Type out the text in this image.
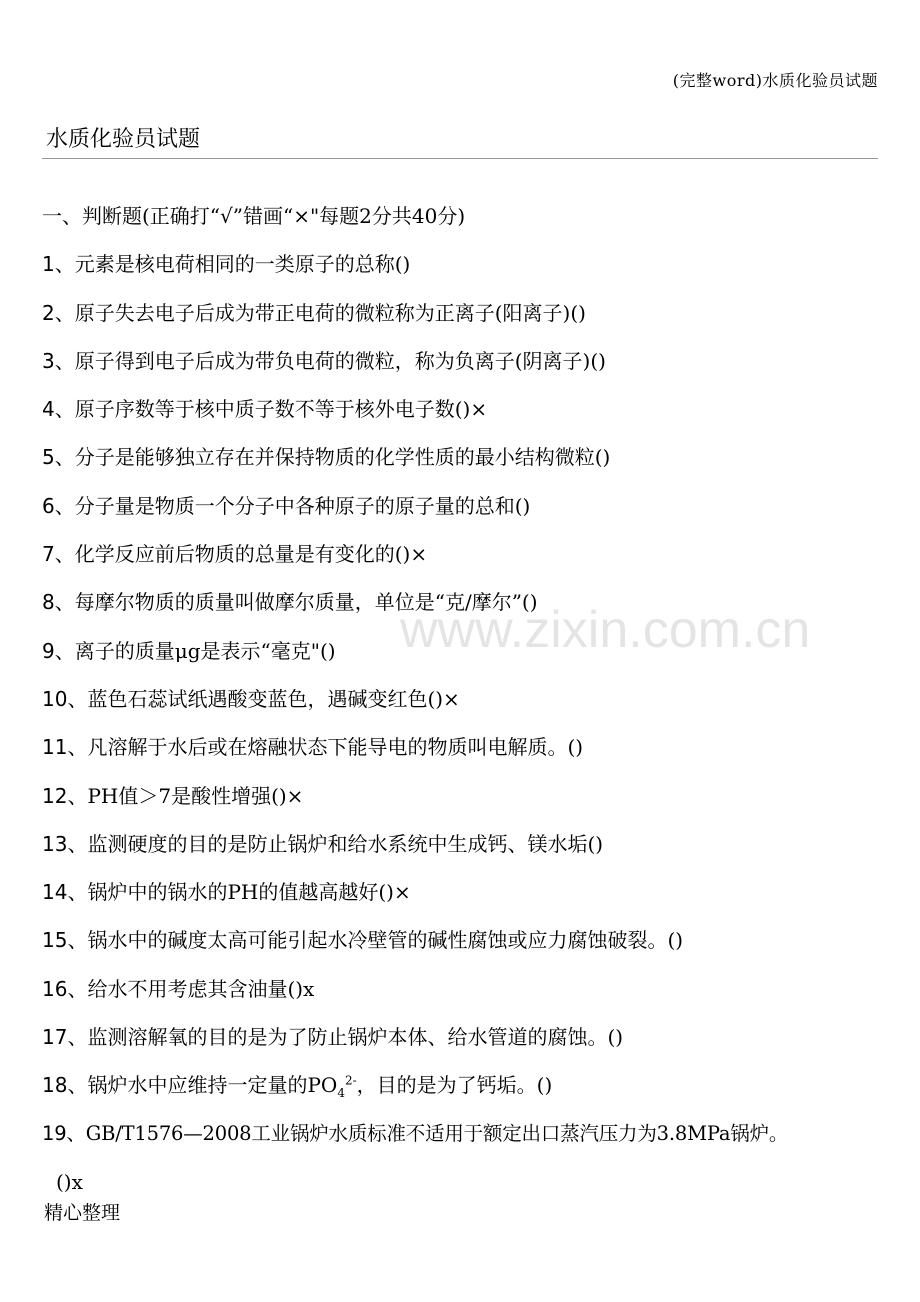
(完整word)水质化验员试题
水质化验员试题
一、判断题(正确打“√”错画“×"每题2分共40分)
1、元素是核电荷相同的一类原子的总称()
2、原子失去电子后成为带正电荷的微粒称为正离子(阳离子)()
3、原子得到电子后成为带负电荷的微粒，称为负离子(阴离子)()
4、原子序数等于核中质子数不等于核外电子数()×
5、分子是能够独立存在并保持物质的化学性质的最小结构微粒()
6、分子量是物质一个分子中各种原子的原子量的总和()
7、化学反应前后物质的总量是有变化的()×
8、每摩尔物质的质量叫做摩尔质量，单位是“克/摩尔”()
9、离子的质量μg是表示“毫克"()
10、蓝色石蕊试纸遇酸变蓝色，遇碱变红色()×
11、凡溶解于水后或在熔融状态下能导电的物质叫电解质。()
12、PH值＞7是酸性增强()×
13、监测硬度的目的是防止锅炉和给水系统中生成钙、镁水垢()
14、锅炉中的锅水的PH的值越高越好()×
15、锅水中的碱度太高可能引起水冷壁管的碱性腐蚀或应力腐蚀破裂。()
16、给水不用考虑其含油量()x
17、监测溶解氧的目的是为了防止锅炉本体、给水管道的腐蚀。()
18、锅炉水中应维持一定量的$PO_4^{2-}$，目的是为了钙垢。()
19、GB/T1576—2008工业锅炉水质标准不适用于额定出口蒸汽压力为3.8MPa锅炉。
()x
精心整理
www.zixin.com.cn
